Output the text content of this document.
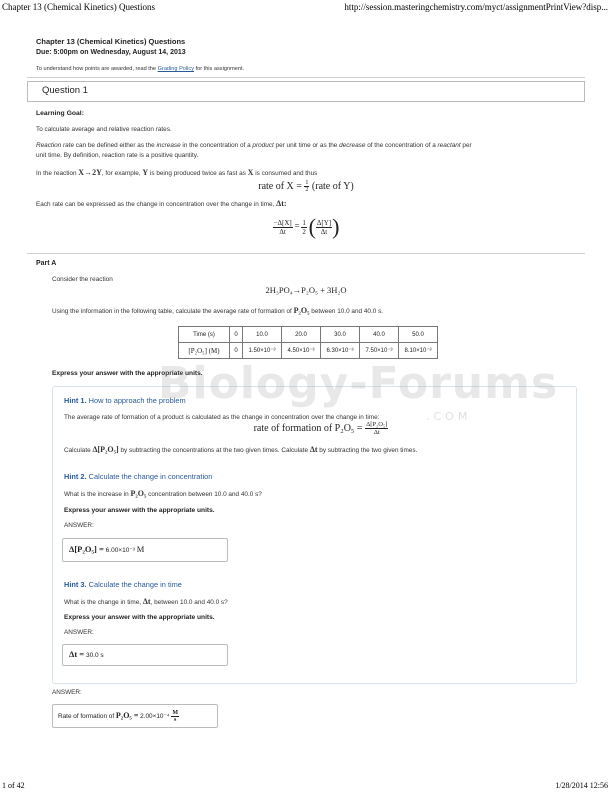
Chapter 13 (Chemical Kinetics) Questions	http://session.masteringchemistry.com/myct/assignmentPrintView?disp...
Chapter 13 (Chemical Kinetics) Questions
Due: 5:00pm on Wednesday, August 14, 2013
To understand how points are awarded, read the Grading Policy for this assignment.
Question 1
Learning Goal:
To calculate average and relative reaction rates.
Reaction rate can be defined either as the increase in the concentration of a product per unit time or as the decrease of the concentration of a reactant per
unit time. By definition, reaction rate is a positive quantity.
In the reaction X→2Y, for example, Y is being produced twice as fast as X is consumed and thus
rate of $X = \frac{1}{2}$ (rate of Y)
Each rate can be expressed as the change in concentration over the change in time, Δt:
$\frac{-\Delta[X]}{\Delta t} = \frac{1}{2}$ ( $\frac{\Delta[Y]}{\Delta t}$ )
Part A
Consider the reaction
2H₃PO₄→P₂O₅ + 3H₂O
Using the information in the following table, calculate the average rate of formation of P₂O₅ between 10.0 and 40.0 s.
Time (s)	0	10.0	20.0	30.0	40.0	50.0
[P₂O₅] (M)	0	1.50×10⁻³	4.50×10⁻³	6.30×10⁻³	7.50×10⁻³	8.10×10⁻³
Express your answer with the appropriate units.
Hint 1. How to approach the problem
The average rate of formation of a product is calculated as the change in concentration over the change in time:
rate of formation of $P_2O_5 = \frac{\text{Δ[P₂O₅]}}{\Delta t}$
Calculate Δ[P₂O₅] by subtracting the concentrations at the two given times. Calculate Δt by subtracting the two given times.
Hint 2. Calculate the change in concentration
What is the increase in P₂O₅ concentration between 10.0 and 40.0 s?
Express your answer with the appropriate units.
ANSWER:
Δ[P₂O₅] = 6.00×10⁻³ M
Hint 3. Calculate the change in time
What is the change in time, Δt, between 10.0 and 40.0 s?
Express your answer with the appropriate units.
ANSWER:
Δt = 30.0 s
ANSWER:
Rate of formation of $P_2O_5 = 2.00\times 10^{-4} \frac{M}{s}$
Biology-Forums
.COM
1 of 42	1/28/2014 12:56
